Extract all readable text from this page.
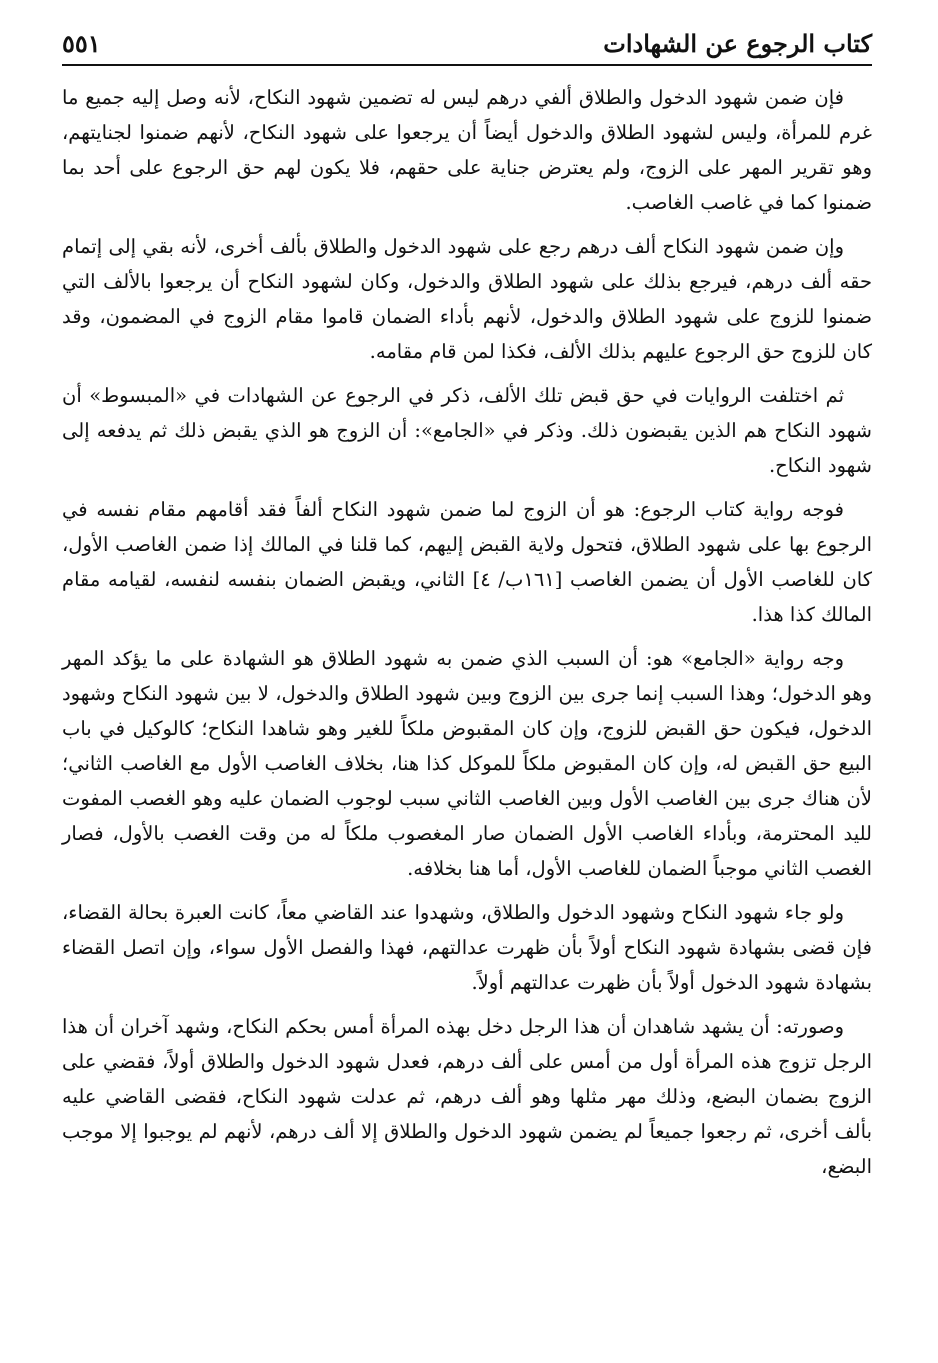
كتاب الرجوع عن الشهادات
٥٥١

فإن ضمن شهود الدخول والطلاق ألفي درهم ليس له تضمين شهود النكاح، لأنه وصل إليه جميع ما غرم للمرأة، وليس لشهود الطلاق والدخول أيضاً أن يرجعوا على شهود النكاح، لأنهم ضمنوا لجنايتهم، وهو تقرير المهر على الزوج، ولم يعترض جناية على حقهم، فلا يكون لهم حق الرجوع على أحد بما ضمنوا كما في غاصب الغاصب.

وإن ضمن شهود النكاح ألف درهم رجع على شهود الدخول والطلاق بألف أخرى، لأنه بقي إلى إتمام حقه ألف درهم، فيرجع بذلك على شهود الطلاق والدخول، وكان لشهود النكاح أن يرجعوا بالألف التي ضمنوا للزوج على شهود الطلاق والدخول، لأنهم بأداء الضمان قاموا مقام الزوج في المضمون، وقد كان للزوج حق الرجوع عليهم بذلك الألف، فكذا لمن قام مقامه.

ثم اختلفت الروايات في حق قبض تلك الألف، ذكر في الرجوع عن الشهادات في «المبسوط» أن شهود النكاح هم الذين يقبضون ذلك. وذكر في «الجامع»: أن الزوج هو الذي يقبض ذلك ثم يدفعه إلى شهود النكاح.

فوجه رواية كتاب الرجوع: هو أن الزوج لما ضمن شهود النكاح ألفاً فقد أقامهم مقام نفسه في الرجوع بها على شهود الطلاق، فتحول ولاية القبض إليهم، كما قلنا في المالك إذا ضمن الغاصب الأول، كان للغاصب الأول أن يضمن الغاصب [١٦١ب/ ٤] الثاني، ويقبض الضمان بنفسه لنفسه، لقيامه مقام المالك كذا هذا.

وجه رواية «الجامع» هو: أن السبب الذي ضمن به شهود الطلاق هو الشهادة على ما يؤكد المهر وهو الدخول؛ وهذا السبب إنما جرى بين الزوج وبين شهود الطلاق والدخول، لا بين شهود النكاح وشهود الدخول، فيكون حق القبض للزوج، وإن كان المقبوض ملكاً للغير وهو شاهدا النكاح؛ كالوكيل في باب البيع حق القبض له، وإن كان المقبوض ملكاً للموكل كذا هنا، بخلاف الغاصب الأول مع الغاصب الثاني؛ لأن هناك جرى بين الغاصب الأول وبين الغاصب الثاني سبب لوجوب الضمان عليه وهو الغصب المفوت لليد المحترمة، وبأداء الغاصب الأول الضمان صار المغصوب ملكاً له من وقت الغصب بالأول، فصار الغصب الثاني موجباً الضمان للغاصب الأول، أما هنا بخلافه.

ولو جاء شهود النكاح وشهود الدخول والطلاق، وشهدوا عند القاضي معاً، كانت العبرة بحالة القضاء، فإن قضى بشهادة شهود النكاح أولاً بأن ظهرت عدالتهم، فهذا والفصل الأول سواء، وإن اتصل القضاء بشهادة شهود الدخول أولاً بأن ظهرت عدالتهم أولاً.

وصورته: أن يشهد شاهدان أن هذا الرجل دخل بهذه المرأة أمس بحكم النكاح، وشهد آخران أن هذا الرجل تزوج هذه المرأة أول من أمس على ألف درهم، فعدل شهود الدخول والطلاق أولاً، فقضي على الزوج بضمان البضع، وذلك مهر مثلها وهو ألف درهم، ثم عدلت شهود النكاح، فقضى القاضي عليه بألف أخرى، ثم رجعوا جميعاً لم يضمن شهود الدخول والطلاق إلا ألف درهم، لأنهم لم يوجبوا إلا موجب البضع،
